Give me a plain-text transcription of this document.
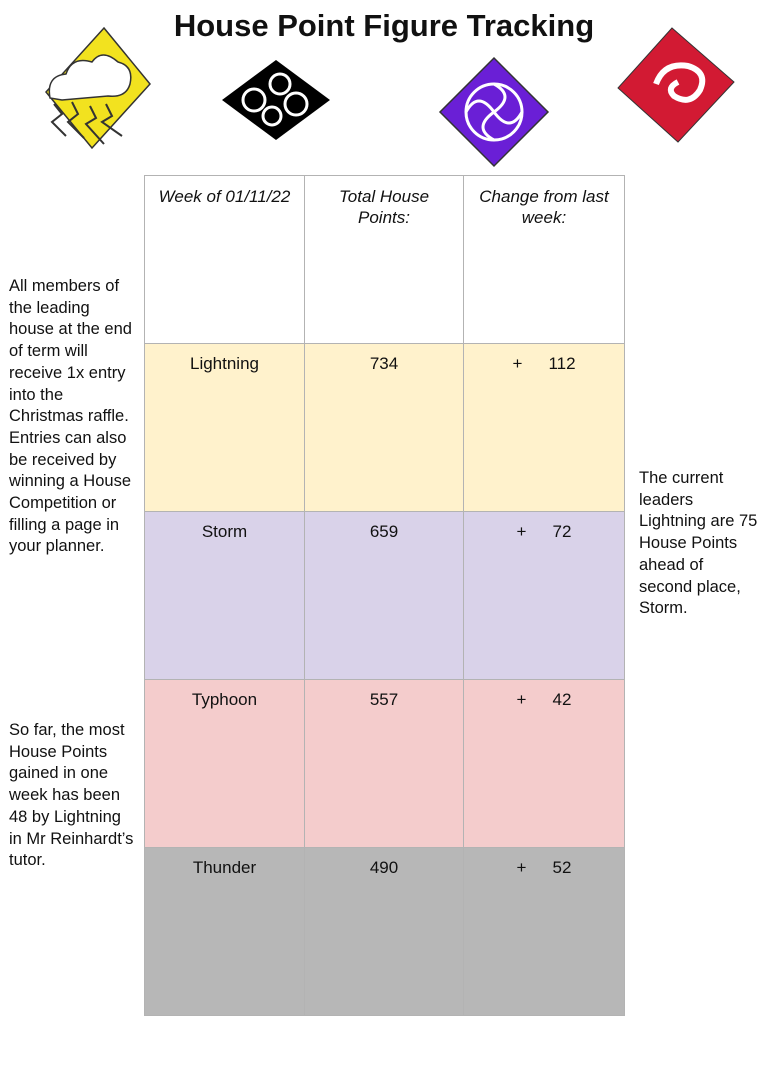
House Point Figure Tracking
All members of the leading house at the end of term will receive 1x entry into the Christmas raffle. Entries can also be received by winning a House Competition or filling a page in your planner.
So far, the most House Points gained in one week has been 48 by Lightning in Mr Reinhardt’s tutor.
The current leaders Lightning are 75 House Points ahead of second place, Storm.
Week of 01/11/22	Total House Points:	Change from last week:
Lightning	734	+ 112
Storm	659	+ 72
Typhoon	557	+ 42
Thunder	490	+ 52
